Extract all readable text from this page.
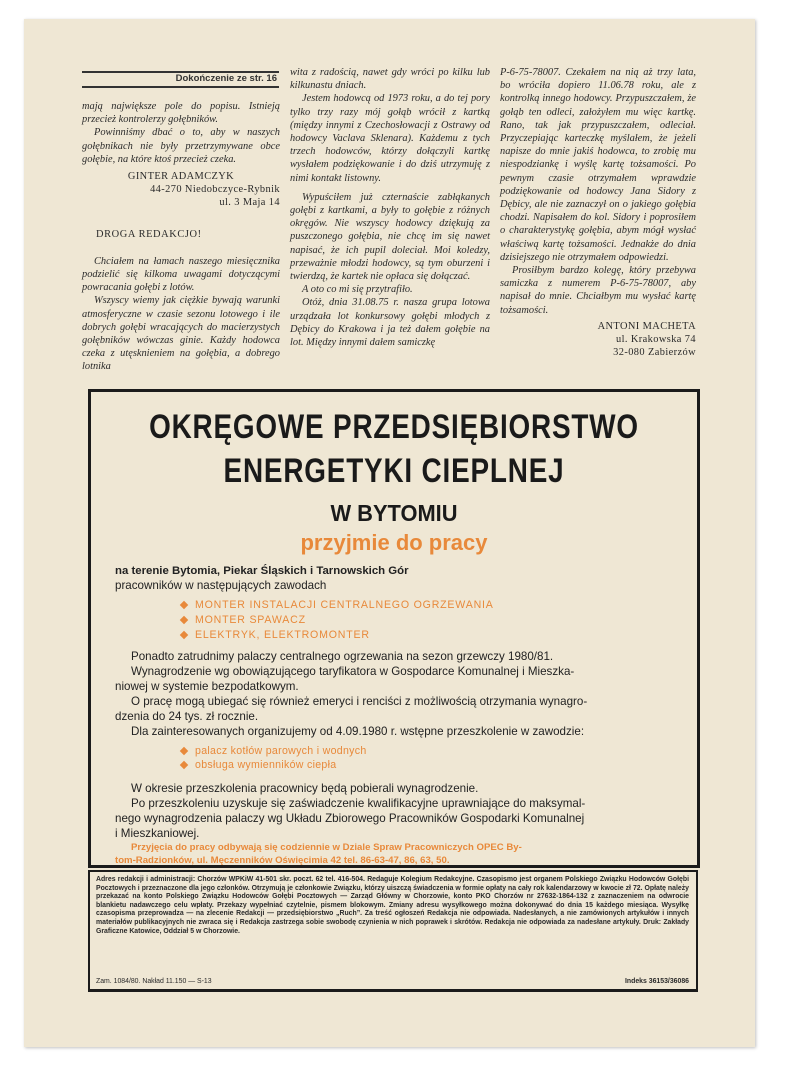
Dokończenie ze str. 16

mają największe pole do popisu. Istnieją przecież kontrolerzy gołębników.

Powinniśmy dbać o to, aby w naszych gołębnikach nie były przetrzymywane obce gołębie, na które ktoś przecież czeka.

GINTER ADAMCZYK
44-270 Niedobczyce-Rybnik
ul. 3 Maja 14
DROGA REDAKCJO!

Chciałem na łamach naszego miesięcznika podzielić się kilkoma uwagami dotyczącymi powracania gołębi z lotów.

Wszyscy wiemy jak ciężkie bywają warunki atmosferyczne w czasie sezonu lotowego i ile dobrych gołębi wracających do macierzystych gołębników wówczas ginie. Każdy hodowca czeka z utęsknieniem na gołębia, a dobrego lotnika

wita z radością, nawet gdy wróci po kilku lub kilkunastu dniach.

Jestem hodowcą od 1973 roku, a do tej pory tylko trzy razy mój gołąb wrócił z kartką (między innymi z Czechosłowacji z Ostrawy od hodowcy Vaclava Sklenara). Każdemu z tych trzech hodowców, którzy dołączyli kartkę wysłałem podziękowanie i do dziś utrzymuję z nimi kontakt listowny.

Wypuściłem już czternaście zabłąkanych gołębi z kartkami, a były to gołębie z różnych okręgów. Nie wszyscy hodowcy dziękują za puszczonego gołębia, nie chcę im się nawet napisać, że ich pupil doleciał. Moi koledzy, przeważnie młodzi hodowcy, są tym oburzeni i twierdzą, że kartek nie opłaca się dołączać.

A oto co mi się przytrafiło.

Otóż, dnia 31.08.75 r. nasza grupa lotowa urządzała lot konkursowy gołębi młodych z Dębicy do Krakowa i ja też dałem gołębie na lot. Między innymi dałem samiczkę

P-6-75-78007. Czekałem na nią aż trzy lata, bo wróciła dopiero 11.06.78 roku, ale z kontrolką innego hodowcy. Przypuszczałem, że gołąb ten odleci, założyłem mu więc kartkę. Rano, tak jak przypuszczałem, odleciał. Przyczepiając karteczkę myślałem, że jeżeli napisze do mnie jakiś hodowca, to zrobię mu niespodziankę i wyślę kartę tożsamości. Po pewnym czasie otrzymałem wprawdzie podziękowanie od hodowcy Jana Sidory z Dębicy, ale nie zaznaczył on o jakiego gołębia chodzi. Napisałem do kol. Sidory i poprosiłem o charakterystykę gołębia, abym mógł wysłać właściwą kartę tożsamości. Jednakże do dnia dzisiejszego nie otrzymałem odpowiedzi.

Prosiłbym bardzo kolegę, który przebywa samiczka z numerem P-6-75-78007, aby napisał do mnie. Chciałbym mu wysłać kartę tożsamości.

ANTONI MACHETA
ul. Krakowska 74
32-080 Zabierzów
OKRĘGOWE PRZEDSIĘBIORSTWO
ENERGETYKI CIEPLNEJ
W BYTOMIU
przyjmie do pracy
na terenie Bytomia, Piekar Śląskich i Tarnowskich Gór
pracowników w następujących zawodach
MONTER INSTALACJI CENTRALNEGO OGRZEWANIA
MONTER SPAWACZ
ELEKTRYK, ELEKTROMONTER
Ponadto zatrudnimy palaczy centralnego ogrzewania na sezon grzewczy 1980/81.
Wynagrodzenie wg obowiązującego taryfikatora w Gospodarce Komunalnej i Mieszka-
niowej w systemie bezpodatkowym.
O pracę mogą ubiegać się również emeryci i renciści z możliwością otrzymania wynagro-
dzenia do 24 tys. zł rocznie.
Dla zainteresowanych organizujemy od 4.09.1980 r. wstępne przeszkolenie w zawodzie:
palacz kotłów parowych i wodnych
obsługa wymienników ciepła
W okresie przeszkolenia pracownicy będą pobierali wynagrodzenie.
Po przeszkoleniu uzyskuje się zaświadczenie kwalifikacyjne uprawniające do maksymal-
nego wynagrodzenia palaczy wg Układu Zbiorowego Pracowników Gospodarki Komunalnej
i Mieszkaniowej.
Przyjęcia do pracy odbywają się codziennie w Dziale Spraw Pracowniczych OPEC By-
tom-Radzionków, ul. Męczenników Oświęcimia 42 tel. 86-63-47, 86, 63, 50.
Adres redakcji i administracji: Chorzów WPKiW 41-501 skr. poczt. 62 tel. 416-504. Redaguje Kolegium Redakcyjne. Czasopismo jest organem Polskiego Związku Hodowców Gołębi Pocztowych i przeznaczone dla jego członków. Otrzymują je członkowie Związku, którzy uiszczą świadczenia w formie opłaty na cały rok kalendarzowy w kwocie zł 72. Opłatę należy przekazać na konto Polskiego Związku Hodowców Gołębi Pocztowych — Zarząd Główny w Chorzowie, konto PKO Chorzów nr 27632-1864-132 z zaznaczeniem na odwrocie blankietu nadawczego celu wpłaty. Przekazy wypełniać czytelnie, pismem blokowym. Zmiany adresu wysyłkowego można dokonywać do dnia 15 każdego miesiąca. Wysyłkę czasopisma przeprowadza — na zlecenie Redakcji — przedsiębiorstwo „Ruch”. Za treść ogłoszeń Redakcja nie odpowiada. Nadesłanych, a nie zamówionych artykułów i innych materiałów publikacyjnych nie zwraca się i Redakcja zastrzega sobie swobodę czynienia w nich poprawek i skrótów. Redakcja nie odpowiada za nadesłane artykuły. Druk: Zakłady Graficzne Katowice, Oddział 5 w Chorzowie.
Zam. 1084/80. Nakład 11.150 — S-13	Indeks 36153/36086
